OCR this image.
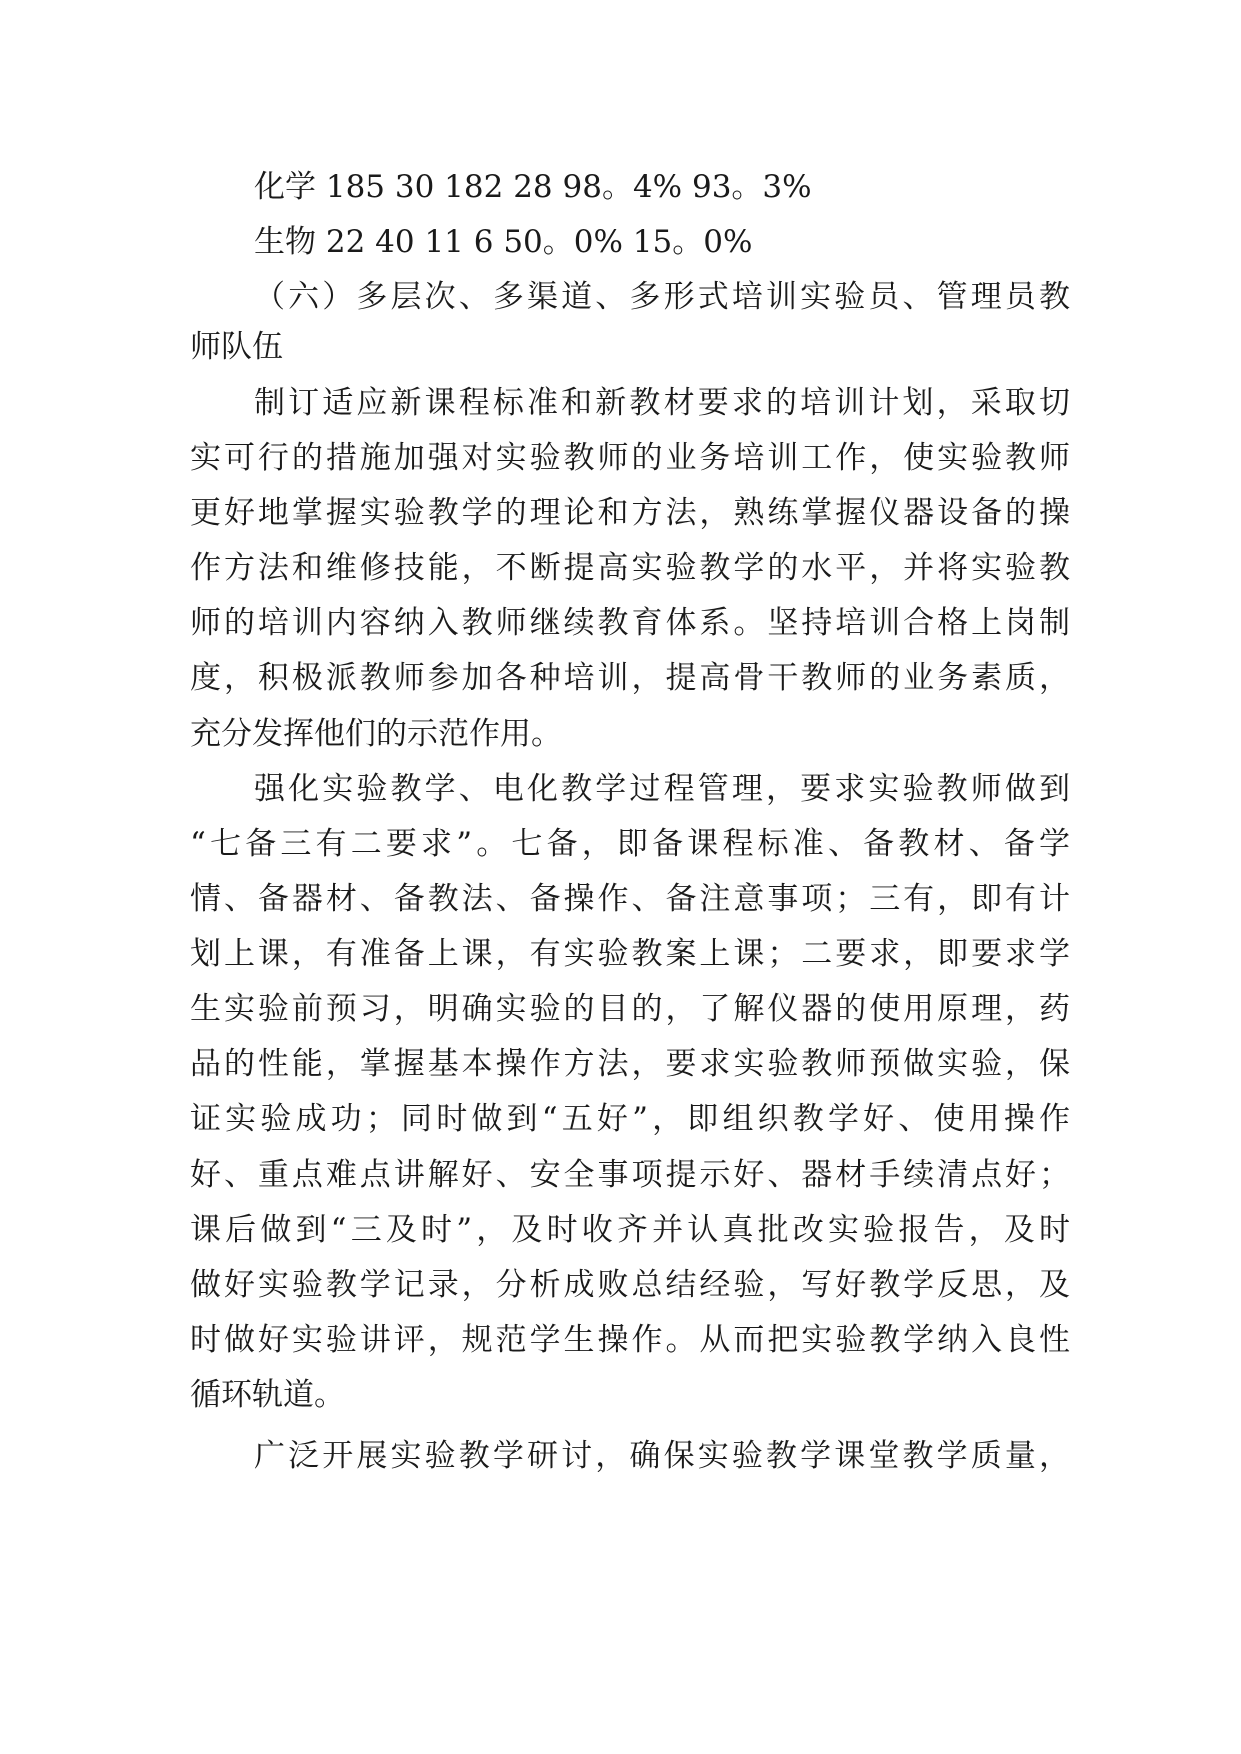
化学 185 30 182 28 98。4% 93。3%
生物 22 40 11 6 50。0% 15。0%
（六）多层次、多渠道、多形式培训实验员、管理员教
师队伍
制订适应新课程标准和新教材要求的培训计划，采取切
实可行的措施加强对实验教师的业务培训工作，使实验教师
更好地掌握实验教学的理论和方法，熟练掌握仪器设备的操
作方法和维修技能，不断提高实验教学的水平，并将实验教
师的培训内容纳入教师继续教育体系。坚持培训合格上岗制
度，积极派教师参加各种培训，提高骨干教师的业务素质，
充分发挥他们的示范作用。
强化实验教学、电化教学过程管理，要求实验教师做到
“七备三有二要求”。七备，即备课程标准、备教材、备学
情、备器材、备教法、备操作、备注意事项；三有，即有计
划上课，有准备上课，有实验教案上课；二要求，即要求学
生实验前预习，明确实验的目的，了解仪器的使用原理，药
品的性能，掌握基本操作方法，要求实验教师预做实验，保
证实验成功；同时做到“五好”，即组织教学好、使用操作
好、重点难点讲解好、安全事项提示好、器材手续清点好；
课后做到“三及时”，及时收齐并认真批改实验报告，及时
做好实验教学记录，分析成败总结经验，写好教学反思，及
时做好实验讲评，规范学生操作。从而把实验教学纳入良性
循环轨道。
广泛开展实验教学研讨，确保实验教学课堂教学质量，
